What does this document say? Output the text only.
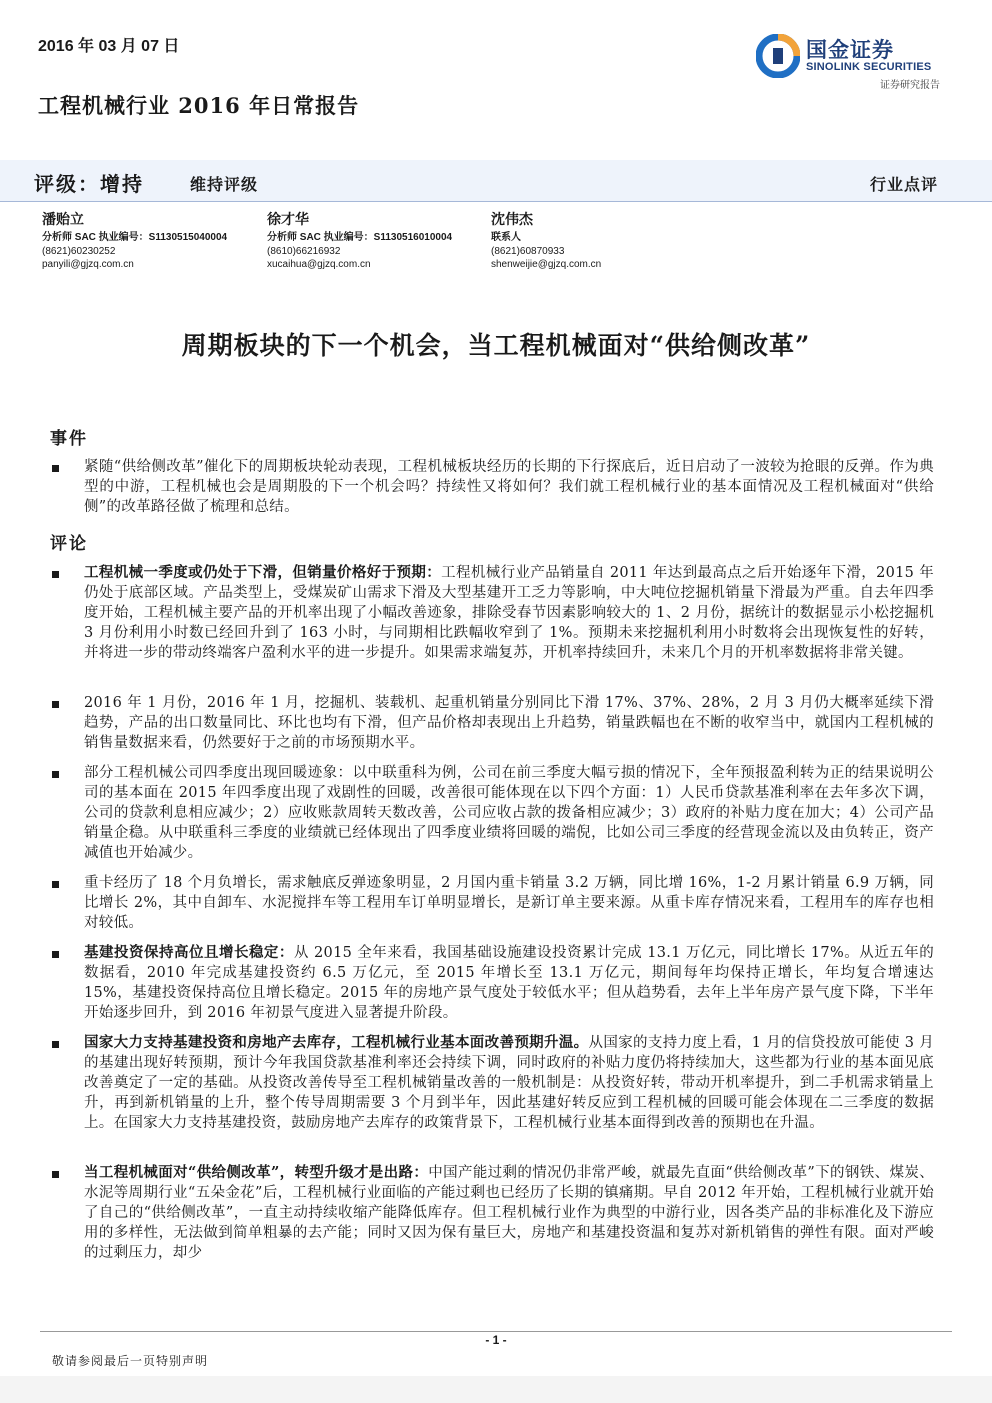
2016 年 03 月 07 日
工程机械行业 2016 年日常报告
国金证券
SINOLINK SECURITIES
证券研究报告
评级：增持	维持评级	行业点评
潘贻立
分析师 SAC 执业编号：S1130515040004
(8621)60230252
panyili@gjzq.com.cn
徐才华
分析师 SAC 执业编号：S1130516010004
(8610)66216932
xucaihua@gjzq.com.cn
沈伟杰
联系人
(8621)60870933
shenweijie@gjzq.com.cn
周期板块的下一个机会，当工程机械面对“供给侧改革”
事件
紧随“供给侧改革”催化下的周期板块轮动表现，工程机械板块经历的长期的下行探底后，近日启动了一波较为抢眼的反弹。作为典型的中游，工程机械也会是周期股的下一个机会吗？持续性又将如何？我们就工程机械行业的基本面情况及工程机械面对“供给侧”的改革路径做了梳理和总结。
评论
工程机械一季度或仍处于下滑，但销量价格好于预期：工程机械行业产品销量自 2011 年达到最高点之后开始逐年下滑，2015 年仍处于底部区域。产品类型上，受煤炭矿山需求下滑及大型基建开工乏力等影响，中大吨位挖掘机销量下滑最为严重。自去年四季度开始，工程机械主要产品的开机率出现了小幅改善迹象，排除受春节因素影响较大的 1、2 月份，据统计的数据显示小松挖掘机 3 月份利用小时数已经回升到了 163 小时，与同期相比跌幅收窄到了 1%。预期未来挖掘机利用小时数将会出现恢复性的好转，并将进一步的带动终端客户盈利水平的进一步提升。如果需求端复苏，开机率持续回升，未来几个月的开机率数据将非常关键。
2016 年 1 月份，2016 年 1 月，挖掘机、装载机、起重机销量分别同比下滑 17%、37%、28%，2 月 3 月仍大概率延续下滑趋势，产品的出口数量同比、环比也均有下滑，但产品价格却表现出上升趋势，销量跌幅也在不断的收窄当中，就国内工程机械的销售量数据来看，仍然要好于之前的市场预期水平。
部分工程机械公司四季度出现回暖迹象：以中联重科为例，公司在前三季度大幅亏损的情况下，全年预报盈利转为正的结果说明公司的基本面在 2015 年四季度出现了戏剧性的回暖，改善很可能体现在以下四个方面：1）人民币贷款基准利率在去年多次下调，公司的贷款利息相应减少；2）应收账款周转天数改善，公司应收占款的拨备相应减少；3）政府的补贴力度在加大；4）公司产品销量企稳。从中联重科三季度的业绩就已经体现出了四季度业绩将回暖的端倪，比如公司三季度的经营现金流以及由负转正，资产减值也开始减少。
重卡经历了 18 个月负增长，需求触底反弹迹象明显，2 月国内重卡销量 3.2 万辆，同比增 16%，1-2 月累计销量 6.9 万辆，同比增长 2%，其中自卸车、水泥搅拌车等工程用车订单明显增长，是新订单主要来源。从重卡库存情况来看，工程用车的库存也相对较低。
基建投资保持高位且增长稳定：从 2015 全年来看，我国基础设施建设投资累计完成 13.1 万亿元，同比增长 17%。从近五年的数据看，2010 年完成基建投资约 6.5 万亿元，至 2015 年增长至 13.1 万亿元，期间每年均保持正增长，年均复合增速达 15%，基建投资保持高位且增长稳定。2015 年的房地产景气度处于较低水平；但从趋势看，去年上半年房产景气度下降，下半年开始逐步回升，到 2016 年初景气度进入显著提升阶段。
国家大力支持基建投资和房地产去库存，工程机械行业基本面改善预期升温。从国家的支持力度上看，1 月的信贷投放可能使 3 月的基建出现好转预期，预计今年我国贷款基准利率还会持续下调，同时政府的补贴力度仍将持续加大，这些都为行业的基本面见底改善奠定了一定的基础。从投资改善传导至工程机械销量改善的一般机制是：从投资好转，带动开机率提升，到二手机需求销量上升，再到新机销量的上升，整个传导周期需要 3 个月到半年，因此基建好转反应到工程机械的回暖可能会体现在二三季度的数据上。在国家大力支持基建投资，鼓励房地产去库存的政策背景下，工程机械行业基本面得到改善的预期也在升温。
当工程机械面对“供给侧改革”，转型升级才是出路：中国产能过剩的情况仍非常严峻，就最先直面“供给侧改革”下的钢铁、煤炭、水泥等周期行业“五朵金花”后，工程机械行业面临的产能过剩也已经历了长期的镇痛期。早自 2012 年开始，工程机械行业就开始了自己的“供给侧改革”，一直主动持续收缩产能降低库存。但工程机械行业作为典型的中游行业，因各类产品的非标准化及下游应用的多样性，无法做到简单粗暴的去产能；同时又因为保有量巨大，房地产和基建投资温和复苏对新机销售的弹性有限。面对严峻的过剩压力，却少
- 1 -
敬请参阅最后一页特别声明
